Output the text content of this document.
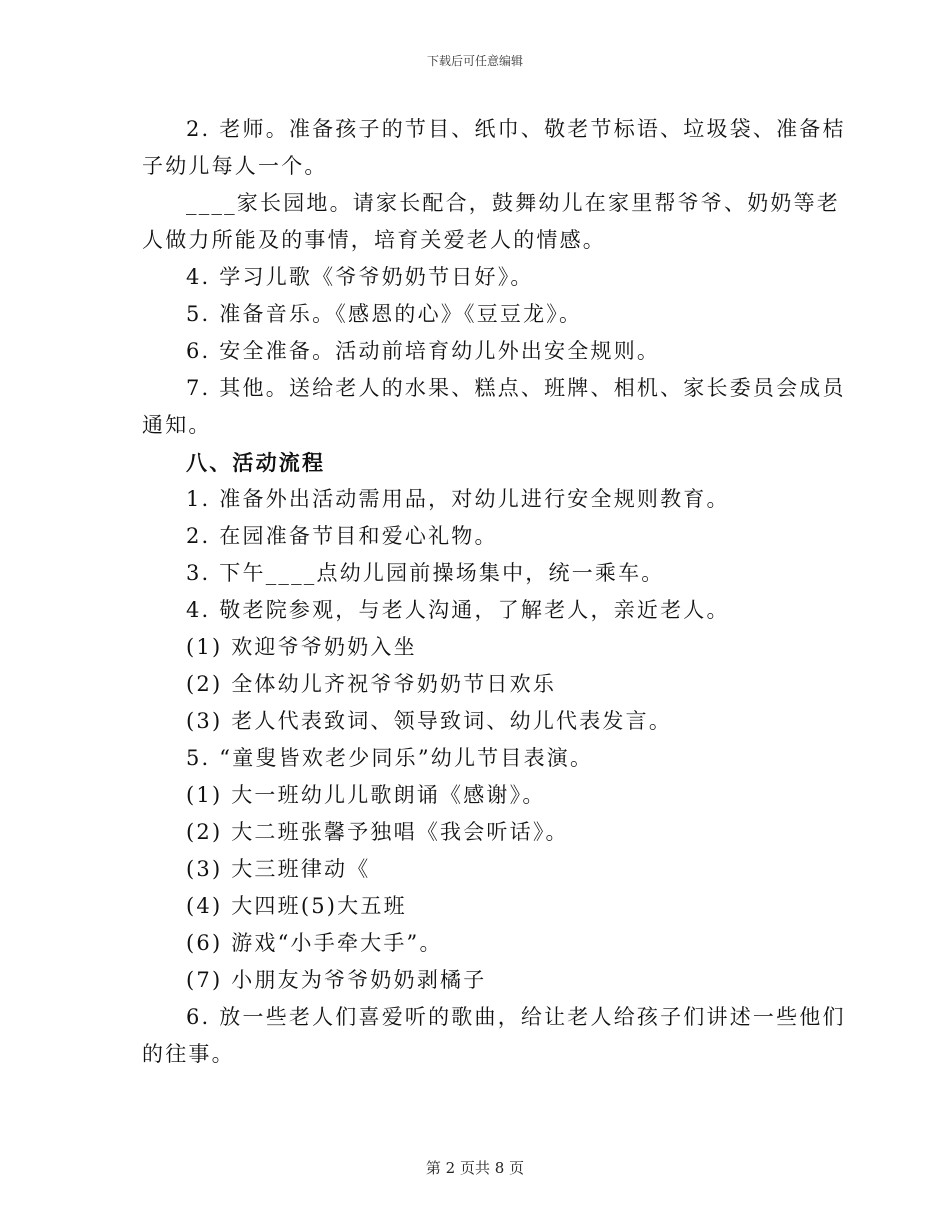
下载后可任意编辑

2. 老师。准备孩子的节目、纸巾、敬老节标语、垃圾袋、准备桔

子幼儿每人一个。

____家长园地。请家长配合，鼓舞幼儿在家里帮爷爷、奶奶等老

人做力所能及的事情，培育关爱老人的情感。

4. 学习儿歌《爷爷奶奶节日好》。

5. 准备音乐。《感恩的心》《豆豆龙》。

6. 安全准备。活动前培育幼儿外出安全规则。

7. 其他。送给老人的水果、糕点、班牌、相机、家长委员会成员

通知。

八、活动流程

1. 准备外出活动需用品，对幼儿进行安全规则教育。

2. 在园准备节目和爱心礼物。

3. 下午____点幼儿园前操场集中，统一乘车。

4. 敬老院参观，与老人沟通，了解老人，亲近老人。

(1) 欢迎爷爷奶奶入坐

(2) 全体幼儿齐祝爷爷奶奶节日欢乐

(3) 老人代表致词、领导致词、幼儿代表发言。

5. “童叟皆欢老少同乐”幼儿节目表演。

(1) 大一班幼儿儿歌朗诵《感谢》。

(2) 大二班张馨予独唱《我会听话》。

(3) 大三班律动《

(4) 大四班(5)大五班

(6) 游戏“小手牵大手”。

(7) 小朋友为爷爷奶奶剥橘子

6. 放一些老人们喜爱听的歌曲，给让老人给孩子们讲述一些他们

的往事。

第 2 页共 8 页
